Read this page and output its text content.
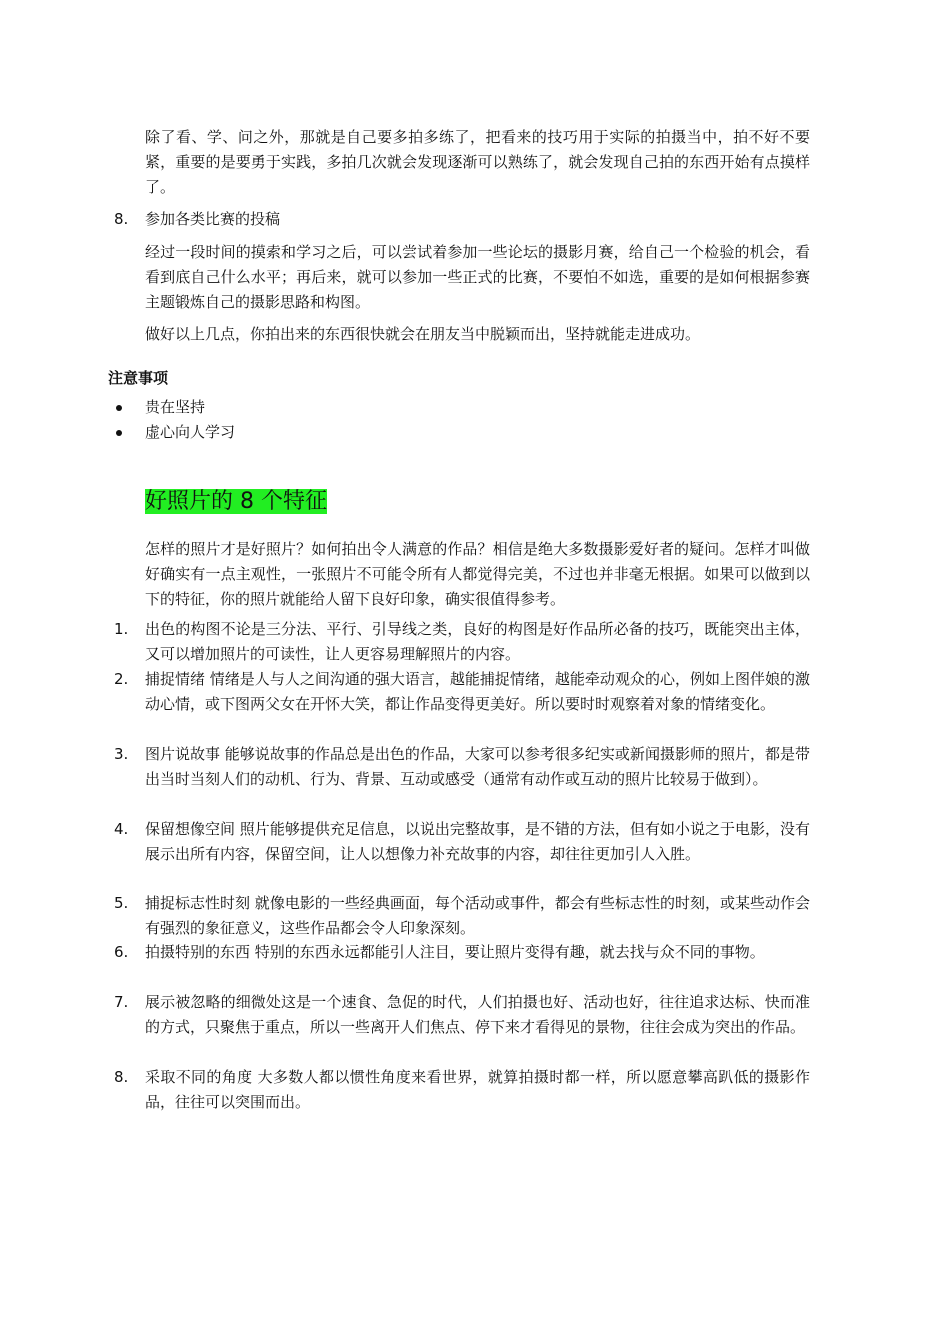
除了看、学、问之外，那就是自己要多拍多练了，把看来的技巧用于实际的拍摄当中，拍不好不要紧，重要的是要勇于实践，多拍几次就会发现逐渐可以熟练了，就会发现自己拍的东西开始有点摸样了。

8. 参加各类比赛的投稿

经过一段时间的摸索和学习之后，可以尝试着参加一些论坛的摄影月赛，给自己一个检验的机会，看看到底自己什么水平；再后来，就可以参加一些正式的比赛，不要怕不如选，重要的是如何根据参赛主题锻炼自己的摄影思路和构图。

做好以上几点，你拍出来的东西很快就会在朋友当中脱颖而出，坚持就能走进成功。

注意事项

贵在坚持

虚心向人学习

好照片的 8 个特征

怎样的照片才是好照片？如何拍出令人满意的作品？相信是绝大多数摄影爱好者的疑问。怎样才叫做好确实有一点主观性，一张照片不可能令所有人都觉得完美，不过也并非毫无根据。如果可以做到以下的特征，你的照片就能给人留下良好印象，确实很值得参考。

1. 出色的构图不论是三分法、平行、引导线之类，良好的构图是好作品所必备的技巧，既能突出主体，又可以增加照片的可读性，让人更容易理解照片的内容。

2. 捕捉情绪 情绪是人与人之间沟通的强大语言，越能捕捉情绪，越能牵动观众的心，例如上图伴娘的激动心情，或下图两父女在开怀大笑，都让作品变得更美好。所以要时时观察着对象的情绪变化。

3. 图片说故事 能够说故事的作品总是出色的作品，大家可以参考很多纪实或新闻摄影师的照片，都是带出当时当刻人们的动机、行为、背景、互动或感受（通常有动作或互动的照片比较易于做到）。

4. 保留想像空间 照片能够提供充足信息，以说出完整故事，是不错的方法，但有如小说之于电影，没有展示出所有内容，保留空间，让人以想像力补充故事的内容，却往往更加引人入胜。

5. 捕捉标志性时刻 就像电影的一些经典画面，每个活动或事件，都会有些标志性的时刻，或某些动作会有强烈的象征意义，这些作品都会令人印象深刻。

6. 拍摄特别的东西 特别的东西永远都能引人注目，要让照片变得有趣，就去找与众不同的事物。

7. 展示被忽略的细微处这是一个速食、急促的时代，人们拍摄也好、活动也好，往往追求达标、快而准的方式，只聚焦于重点，所以一些离开人们焦点、停下来才看得见的景物，往往会成为突出的作品。

8. 采取不同的角度 大多数人都以惯性角度来看世界，就算拍摄时都一样，所以愿意攀高趴低的摄影作品，往往可以突围而出。
